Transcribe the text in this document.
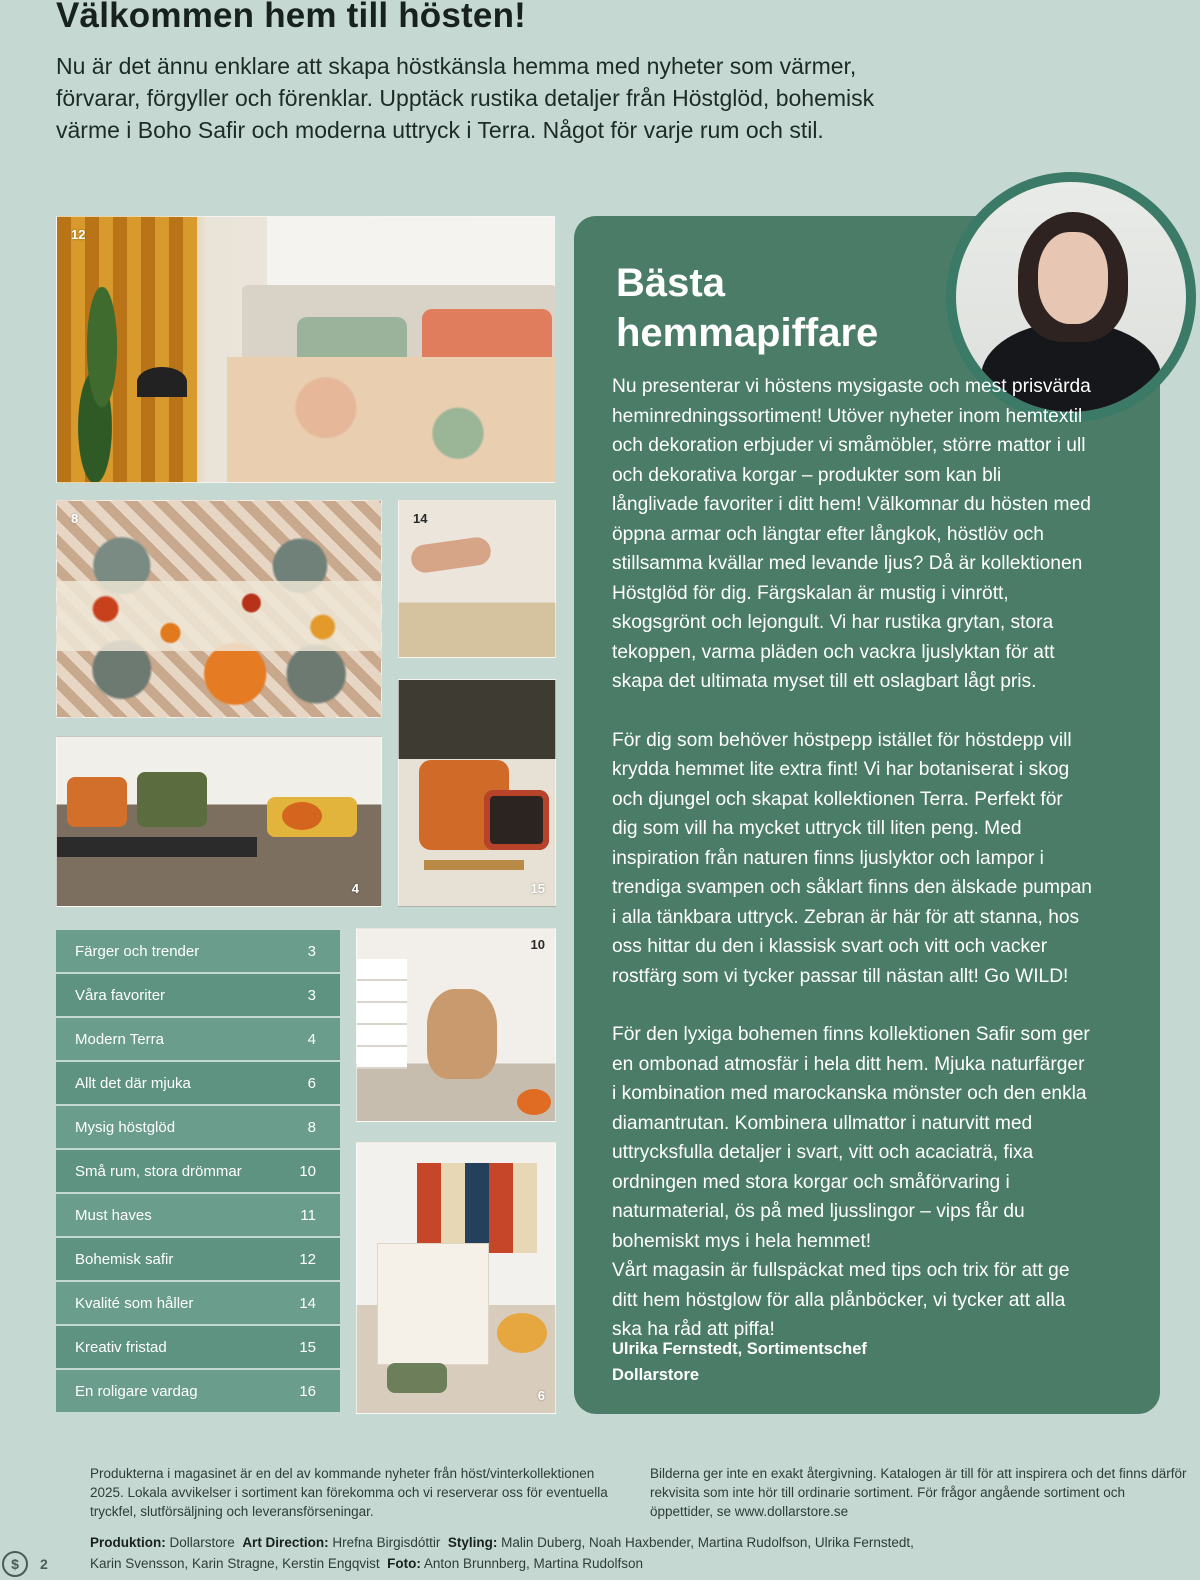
Välkommen hem till hösten!

Nu är det ännu enklare att skapa höstkänsla hemma med nyheter som värmer, förvarar, förgyller och förenklar. Upptäck rustika detaljer från Höstglöd, bohemisk värme i Boho Safir och moderna uttryck i Terra. Något för varje rum och stil.

12
8	14
15
4
10
6
Färger och trender	3
Våra favoriter	3
Modern Terra	4
Allt det där mjuka	6
Mysig höstglöd	8
Små rum, stora drömmar	10
Must haves	11
Bohemisk safir	12
Kvalité som håller	14
Kreativ fristad	15
En roligare vardag	16
Bästa hemmapiffare

Nu presenterar vi höstens mysigaste och mest prisvärda heminredningssortiment! Utöver nyheter inom hemtextil och dekoration erbjuder vi småmöbler, större mattor i ull och dekorativa korgar – produkter som kan bli långlivade favoriter i ditt hem! Välkomnar du hösten med öppna armar och längtar efter långkok, höstlöv och stillsamma kvällar med levande ljus? Då är kollektionen Höstglöd för dig. Färgskalan är mustig i vinrött, skogsgrönt och lejongult. Vi har rustika grytan, stora tekoppen, varma pläden och vackra ljuslyktan för att skapa det ultimata myset till ett oslagbart lågt pris.

För dig som behöver höstpepp istället för höstdepp vill krydda hemmet lite extra fint! Vi har botaniserat i skog och djungel och skapat kollektionen Terra. Perfekt för dig som vill ha mycket uttryck till liten peng. Med inspiration från naturen finns ljuslyktor och lampor i trendiga svampen och såklart finns den älskade pumpan i alla tänkbara uttryck. Zebran är här för att stanna, hos oss hittar du den i klassisk svart och vitt och vacker rostfärg som vi tycker passar till nästan allt! Go WILD!

För den lyxiga bohemen finns kollektionen Safir som ger en ombonad atmosfär i hela ditt hem. Mjuka naturfärger i kombination med marockanska mönster och den enkla diamantrutan. Kombinera ullmattor i naturvitt med uttrycksfulla detaljer i svart, vitt och acaciaträ, fixa ordningen med stora korgar och småförvaring i naturmaterial, ös på med ljusslingor – vips får du bohemiskt mys i hela hemmet!

Vårt magasin är fullspäckat med tips och trix för att ge ditt hem höstglow för alla plånböcker, vi tycker att alla ska ha råd att piffa!

Ulrika Fernstedt, Sortimentschef
Dollarstore

Produkterna i magasinet är en del av kommande nyheter från höst/vinterkollektionen 2025. Lokala avvikelser i sortiment kan förekomma och vi reserverar oss för eventuella tryckfel, slutförsäljning och leveransförseningar.

Bilderna ger inte en exakt återgivning. Katalogen är till för att inspirera och det finns därför rekvisita som inte hör till ordinarie sortiment. För frågor angående sortiment och öppettider, se www.dollarstore.se

Produktion: Dollarstore Art Direction: Hrefna Birgisdóttir Styling: Malin Duberg, Noah Haxbender, Martina Rudolfson, Ulrika Fernstedt, Karin Svensson, Karin Stragne, Kerstin Engqvist Foto: Anton Brunnberg, Martina Rudolfson

$	2
